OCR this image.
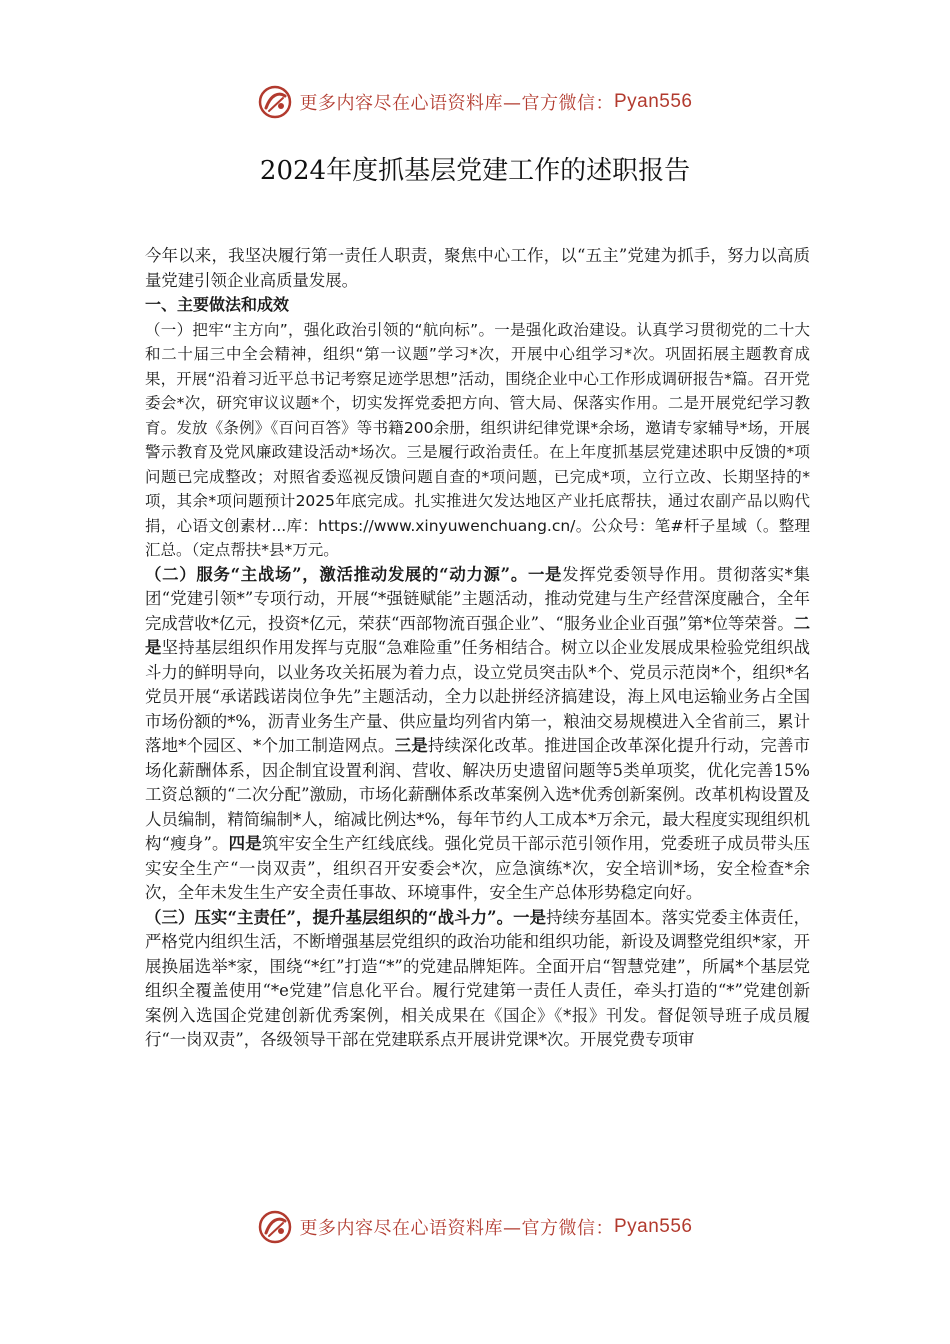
更多内容尽在心语资料库—官方微信： Pyan556
2024年度抓基层党建工作的述职报告

今年以来，我坚决履行第一责任人职责，聚焦中心工作，以“五主”党建为抓手，努力以高质量党建引领企业高质量发展。

一、主要做法和成效

（一）把牢“主方向”，强化政治引领的“航向标”。一是强化政治建设。认真学习贯彻党的二十大和二十届三中全会精神，组织“第一议题”学习*次，开展中心组学习*次。巩固拓展主题教育成果，开展“沿着习近平总书记考察足迹学思想”活动，围绕企业中心工作形成调研报告*篇。召开党委会*次，研究审议议题*个，切实发挥党委把方向、管大局、保落实作用。二是开展党纪学习教育。发放《条例》《百问百答》等书籍200余册，组织讲纪律党课*余场，邀请专家辅导*场，开展警示教育及党风廉政建设活动*场次。三是履行政治责任。在上年度抓基层党建述职中反馈的*项问题已完成整改；对照省委巡视反馈问题自查的*项问题，已完成*项，立行立改、长期坚持的*项，其余*项问题预计2025年底完成。扎实推进欠发达地区产业托底帮扶，通过农副产品以购代捐，心语文创素材...库：https://www.xinyuwenchuang.cn/。公众号：笔#杆子星域（。整理汇总。（定点帮扶*县*万元。

（二）服务“主战场”，激活推动发展的“动力源”。一是发挥党委领导作用。贯彻落实*集团“党建引领*”专项行动，开展“*强链赋能”主题活动，推动党建与生产经营深度融合，全年完成营收*亿元，投资*亿元，荣获“西部物流百强企业”、“服务业企业百强”第*位等荣誉。二是坚持基层组织作用发挥与克服“急难险重”任务相结合。树立以企业发展成果检验党组织战斗力的鲜明导向，以业务攻关拓展为着力点，设立党员突击队*个、党员示范岗*个，组织*名党员开展“承诺践诺岗位争先”主题活动，全力以赴拼经济搞建设，海上风电运输业务占全国市场份额的*%，沥青业务生产量、供应量均列省内第一，粮油交易规模进入全省前三，累计落地*个园区、*个加工制造网点。三是持续深化改革。推进国企改革深化提升行动，完善市场化薪酬体系，因企制宜设置利润、营收、解决历史遗留问题等5类单项奖，优化完善15%工资总额的“二次分配”激励，市场化薪酬体系改革案例入选*优秀创新案例。改革机构设置及人员编制，精简编制*人，缩减比例达*%，每年节约人工成本*万余元，最大程度实现组织机构“瘦身”。四是筑牢安全生产红线底线。强化党员干部示范引领作用，党委班子成员带头压实安全生产“一岗双责”，组织召开安委会*次，应急演练*次，安全培训*场，安全检查*余次，全年未发生生产安全责任事故、环境事件，安全生产总体形势稳定向好。

（三）压实“主责任”，提升基层组织的“战斗力”。一是持续夯基固本。落实党委主体责任，严格党内组织生活，不断增强基层党组织的政治功能和组织功能，新设及调整党组织*家，开展换届选举*家，围绕“*红”打造“*”的党建品牌矩阵。全面开启“智慧党建”，所属*个基层党组织全覆盖使用“*e党建”信息化平台。履行党建第一责任人责任，牵头打造的“*”党建创新案例入选国企党建创新优秀案例，相关成果在《国企》《*报》刊发。督促领导班子成员履行“一岗双责”，各级领导干部在党建联系点开展讲党课*次。开展党费专项审

更多内容尽在心语资料库—官方微信： Pyan556
